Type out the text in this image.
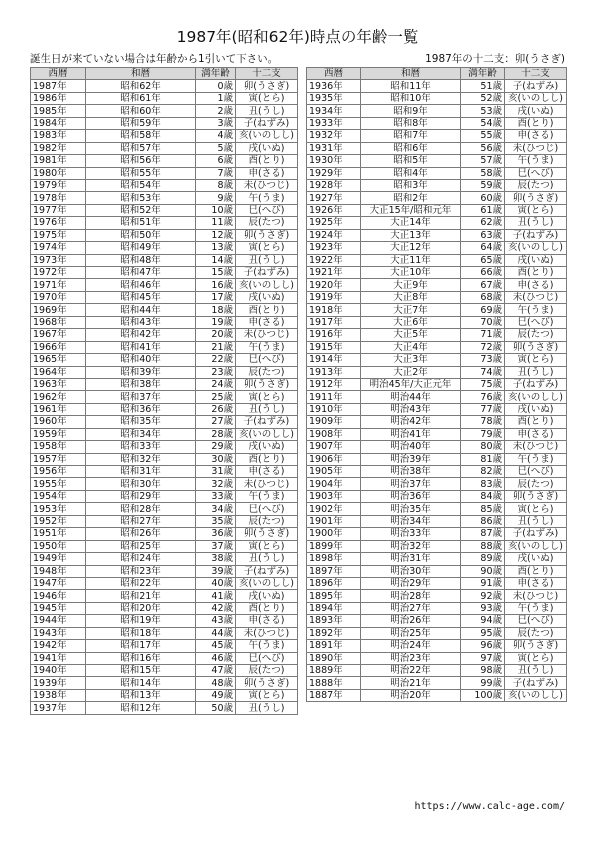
1987年(昭和62年)時点の年齢一覧
誕生日が来ていない場合は年齢から1引いて下さい。	1987年の十二支：卯(うさぎ)
西暦	和暦	満年齢	十二支
1987年	昭和62年	0歳	卯(うさぎ)
1986年	昭和61年	1歳	寅(とら)
1985年	昭和60年	2歳	丑(うし)
1984年	昭和59年	3歳	子(ねずみ)
1983年	昭和58年	4歳	亥(いのしし)
1982年	昭和57年	5歳	戌(いぬ)
1981年	昭和56年	6歳	酉(とり)
1980年	昭和55年	7歳	申(さる)
1979年	昭和54年	8歳	未(ひつじ)
1978年	昭和53年	9歳	午(うま)
1977年	昭和52年	10歳	巳(へび)
1976年	昭和51年	11歳	辰(たつ)
1975年	昭和50年	12歳	卯(うさぎ)
1974年	昭和49年	13歳	寅(とら)
1973年	昭和48年	14歳	丑(うし)
1972年	昭和47年	15歳	子(ねずみ)
1971年	昭和46年	16歳	亥(いのしし)
1970年	昭和45年	17歳	戌(いぬ)
1969年	昭和44年	18歳	酉(とり)
1968年	昭和43年	19歳	申(さる)
1967年	昭和42年	20歳	未(ひつじ)
1966年	昭和41年	21歳	午(うま)
1965年	昭和40年	22歳	巳(へび)
1964年	昭和39年	23歳	辰(たつ)
1963年	昭和38年	24歳	卯(うさぎ)
1962年	昭和37年	25歳	寅(とら)
1961年	昭和36年	26歳	丑(うし)
1960年	昭和35年	27歳	子(ねずみ)
1959年	昭和34年	28歳	亥(いのしし)
1958年	昭和33年	29歳	戌(いぬ)
1957年	昭和32年	30歳	酉(とり)
1956年	昭和31年	31歳	申(さる)
1955年	昭和30年	32歳	未(ひつじ)
1954年	昭和29年	33歳	午(うま)
1953年	昭和28年	34歳	巳(へび)
1952年	昭和27年	35歳	辰(たつ)
1951年	昭和26年	36歳	卯(うさぎ)
1950年	昭和25年	37歳	寅(とら)
1949年	昭和24年	38歳	丑(うし)
1948年	昭和23年	39歳	子(ねずみ)
1947年	昭和22年	40歳	亥(いのしし)
1946年	昭和21年	41歳	戌(いぬ)
1945年	昭和20年	42歳	酉(とり)
1944年	昭和19年	43歳	申(さる)
1943年	昭和18年	44歳	未(ひつじ)
1942年	昭和17年	45歳	午(うま)
1941年	昭和16年	46歳	巳(へび)
1940年	昭和15年	47歳	辰(たつ)
1939年	昭和14年	48歳	卯(うさぎ)
1938年	昭和13年	49歳	寅(とら)
1937年	昭和12年	50歳	丑(うし)
西暦	和暦	満年齢	十二支
1936年	昭和11年	51歳	子(ねずみ)
1935年	昭和10年	52歳	亥(いのしし)
1934年	昭和9年	53歳	戌(いぬ)
1933年	昭和8年	54歳	酉(とり)
1932年	昭和7年	55歳	申(さる)
1931年	昭和6年	56歳	未(ひつじ)
1930年	昭和5年	57歳	午(うま)
1929年	昭和4年	58歳	巳(へび)
1928年	昭和3年	59歳	辰(たつ)
1927年	昭和2年	60歳	卯(うさぎ)
1926年	大正15年/昭和元年	61歳	寅(とら)
1925年	大正14年	62歳	丑(うし)
1924年	大正13年	63歳	子(ねずみ)
1923年	大正12年	64歳	亥(いのしし)
1922年	大正11年	65歳	戌(いぬ)
1921年	大正10年	66歳	酉(とり)
1920年	大正9年	67歳	申(さる)
1919年	大正8年	68歳	未(ひつじ)
1918年	大正7年	69歳	午(うま)
1917年	大正6年	70歳	巳(へび)
1916年	大正5年	71歳	辰(たつ)
1915年	大正4年	72歳	卯(うさぎ)
1914年	大正3年	73歳	寅(とら)
1913年	大正2年	74歳	丑(うし)
1912年	明治45年/大正元年	75歳	子(ねずみ)
1911年	明治44年	76歳	亥(いのしし)
1910年	明治43年	77歳	戌(いぬ)
1909年	明治42年	78歳	酉(とり)
1908年	明治41年	79歳	申(さる)
1907年	明治40年	80歳	未(ひつじ)
1906年	明治39年	81歳	午(うま)
1905年	明治38年	82歳	巳(へび)
1904年	明治37年	83歳	辰(たつ)
1903年	明治36年	84歳	卯(うさぎ)
1902年	明治35年	85歳	寅(とら)
1901年	明治34年	86歳	丑(うし)
1900年	明治33年	87歳	子(ねずみ)
1899年	明治32年	88歳	亥(いのしし)
1898年	明治31年	89歳	戌(いぬ)
1897年	明治30年	90歳	酉(とり)
1896年	明治29年	91歳	申(さる)
1895年	明治28年	92歳	未(ひつじ)
1894年	明治27年	93歳	午(うま)
1893年	明治26年	94歳	巳(へび)
1892年	明治25年	95歳	辰(たつ)
1891年	明治24年	96歳	卯(うさぎ)
1890年	明治23年	97歳	寅(とら)
1889年	明治22年	98歳	丑(うし)
1888年	明治21年	99歳	子(ねずみ)
1887年	明治20年	100歳	亥(いのしし)
https://www.calc-age.com/
